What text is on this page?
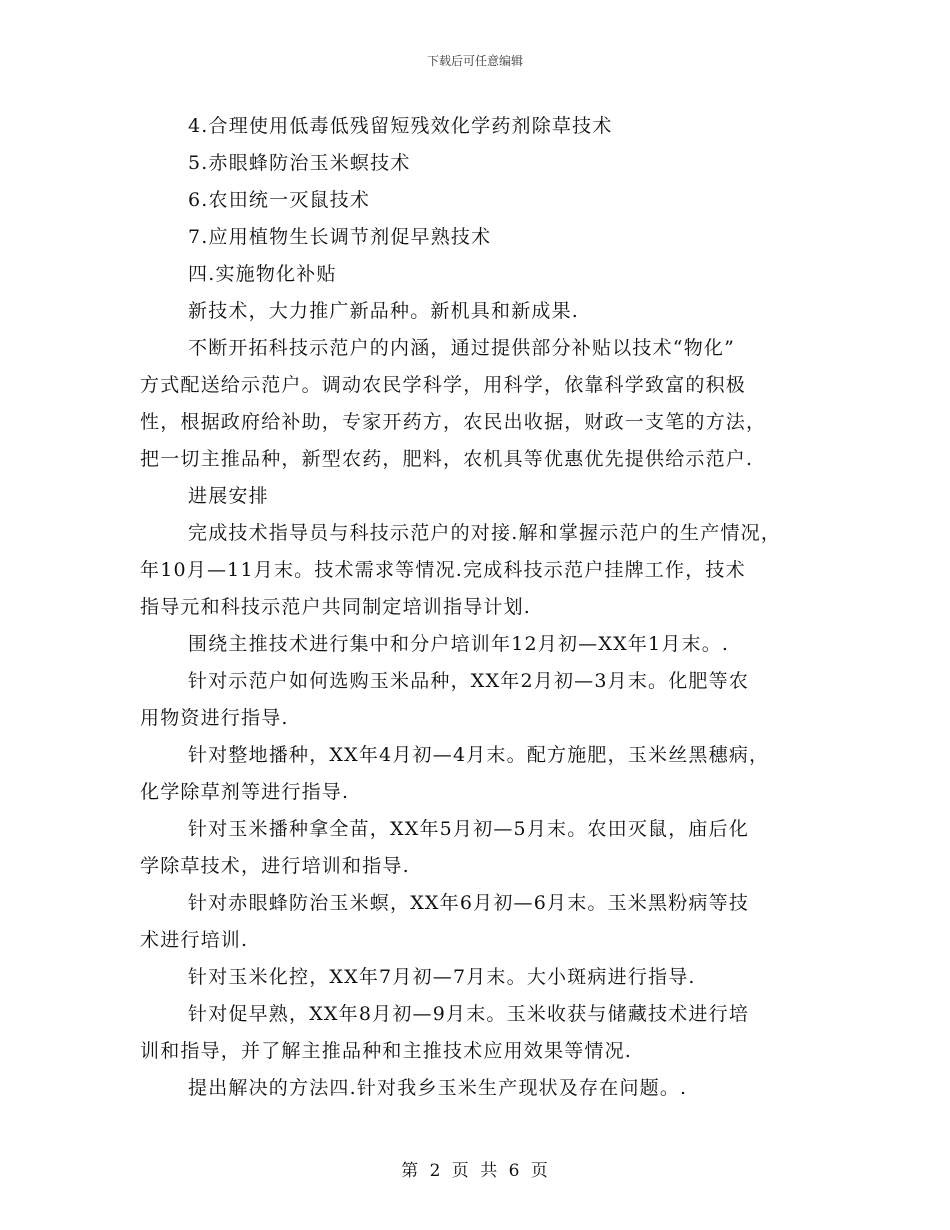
下载后可任意编辑

4.合理使用低毒低残留短残效化学药剂除草技术

5.赤眼蜂防治玉米螟技术

6.农田统一灭鼠技术

7.应用植物生长调节剂促早熟技术

四.实施物化补贴

新技术，大力推广新品种。新机具和新成果.

不断开拓科技示范户的内涵，通过提供部分补贴以技术“物化”

方式配送给示范户。调动农民学科学，用科学，依靠科学致富的积极

性，根据政府给补助，专家开药方，农民出收据，财政一支笔的方法，

把一切主推品种，新型农药，肥料，农机具等优惠优先提供给示范户.

进展安排

完成技术指导员与科技示范户的对接.解和掌握示范户的生产情况，

年10月—11月末。技术需求等情况.完成科技示范户挂牌工作，技术

指导元和科技示范户共同制定培训指导计划.

围绕主推技术进行集中和分户培训年12月初—XX年1月末。.

针对示范户如何选购玉米品种，XX年2月初—3月末。化肥等农

用物资进行指导.

针对整地播种，XX年4月初—4月末。配方施肥，玉米丝黑穗病，

化学除草剂等进行指导.

针对玉米播种拿全苗，XX年5月初—5月末。农田灭鼠，庙后化

学除草技术，进行培训和指导.

针对赤眼蜂防治玉米螟，XX年6月初—6月末。玉米黑粉病等技

术进行培训.

针对玉米化控，XX年7月初—7月末。大小斑病进行指导.

针对促早熟，XX年8月初—9月末。玉米收获与储藏技术进行培

训和指导，并了解主推品种和主推技术应用效果等情况.

提出解决的方法四.针对我乡玉米生产现状及存在问题。.

第 2 页 共 6 页
